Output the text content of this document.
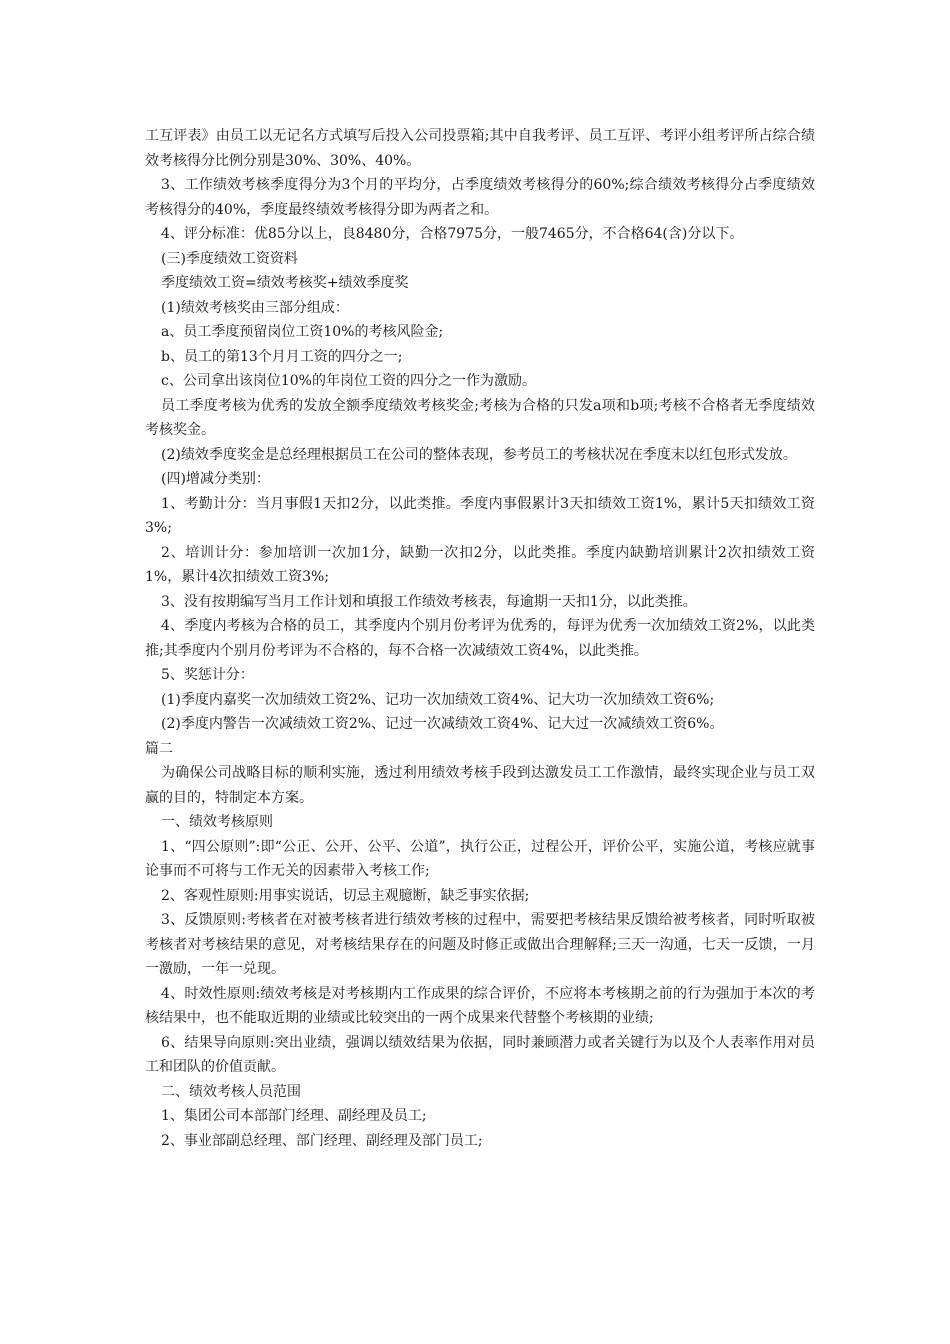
工互评表》由员工以无记名方式填写后投入公司投票箱;其中自我考评、员工互评、考评小组考评所占综合绩效考核得分比例分别是30%、30%、40%。

3、工作绩效考核季度得分为3个月的平均分，占季度绩效考核得分的60%;综合绩效考核得分占季度绩效考核得分的40%，季度最终绩效考核得分即为两者之和。

4、评分标准：优85分以上，良8480分，合格7975分，一般7465分，不合格64(含)分以下。

(三)季度绩效工资资料

季度绩效工资=绩效考核奖+绩效季度奖

(1)绩效考核奖由三部分组成：

a、员工季度预留岗位工资10%的考核风险金;

b、员工的第13个月月工资的四分之一;

c、公司拿出该岗位10%的年岗位工资的四分之一作为激励。

员工季度考核为优秀的发放全额季度绩效考核奖金;考核为合格的只发a项和b项;考核不合格者无季度绩效考核奖金。

(2)绩效季度奖金是总经理根据员工在公司的整体表现，参考员工的考核状况在季度末以红包形式发放。

(四)增减分类别：

1、考勤计分：当月事假1天扣2分，以此类推。季度内事假累计3天扣绩效工资1%，累计5天扣绩效工资3%;

2、培训计分：参加培训一次加1分，缺勤一次扣2分，以此类推。季度内缺勤培训累计2次扣绩效工资1%，累计4次扣绩效工资3%;

3、没有按期编写当月工作计划和填报工作绩效考核表，每逾期一天扣1分，以此类推。

4、季度内考核为合格的员工，其季度内个别月份考评为优秀的，每评为优秀一次加绩效工资2%，以此类推;其季度内个别月份考评为不合格的，每不合格一次减绩效工资4%，以此类推。

5、奖惩计分：

(1)季度内嘉奖一次加绩效工资2%、记功一次加绩效工资4%、记大功一次加绩效工资6%;

(2)季度内警告一次减绩效工资2%、记过一次减绩效工资4%、记大过一次减绩效工资6%。

篇二

为确保公司战略目标的顺利实施，透过利用绩效考核手段到达激发员工工作激情，最终实现企业与员工双赢的目的，特制定本方案。

一、绩效考核原则

1、“四公原则”:即“公正、公开、公平、公道”，执行公正，过程公开，评价公平，实施公道，考核应就事论事而不可将与工作无关的因素带入考核工作;

2、客观性原则:用事实说话，切忌主观臆断，缺乏事实依据;

3、反馈原则:考核者在对被考核者进行绩效考核的过程中，需要把考核结果反馈给被考核者，同时听取被考核者对考核结果的意见，对考核结果存在的问题及时修正或做出合理解释;三天一沟通，七天一反馈，一月一激励，一年一兑现。

4、时效性原则:绩效考核是对考核期内工作成果的综合评价，不应将本考核期之前的行为强加于本次的考核结果中，也不能取近期的业绩或比较突出的一两个成果来代替整个考核期的业绩;

6、结果导向原则:突出业绩，强调以绩效结果为依据，同时兼顾潜力或者关键行为以及个人表率作用对员工和团队的价值贡献。

二、绩效考核人员范围

1、集团公司本部部门经理、副经理及员工;

2、事业部副总经理、部门经理、副经理及部门员工;
